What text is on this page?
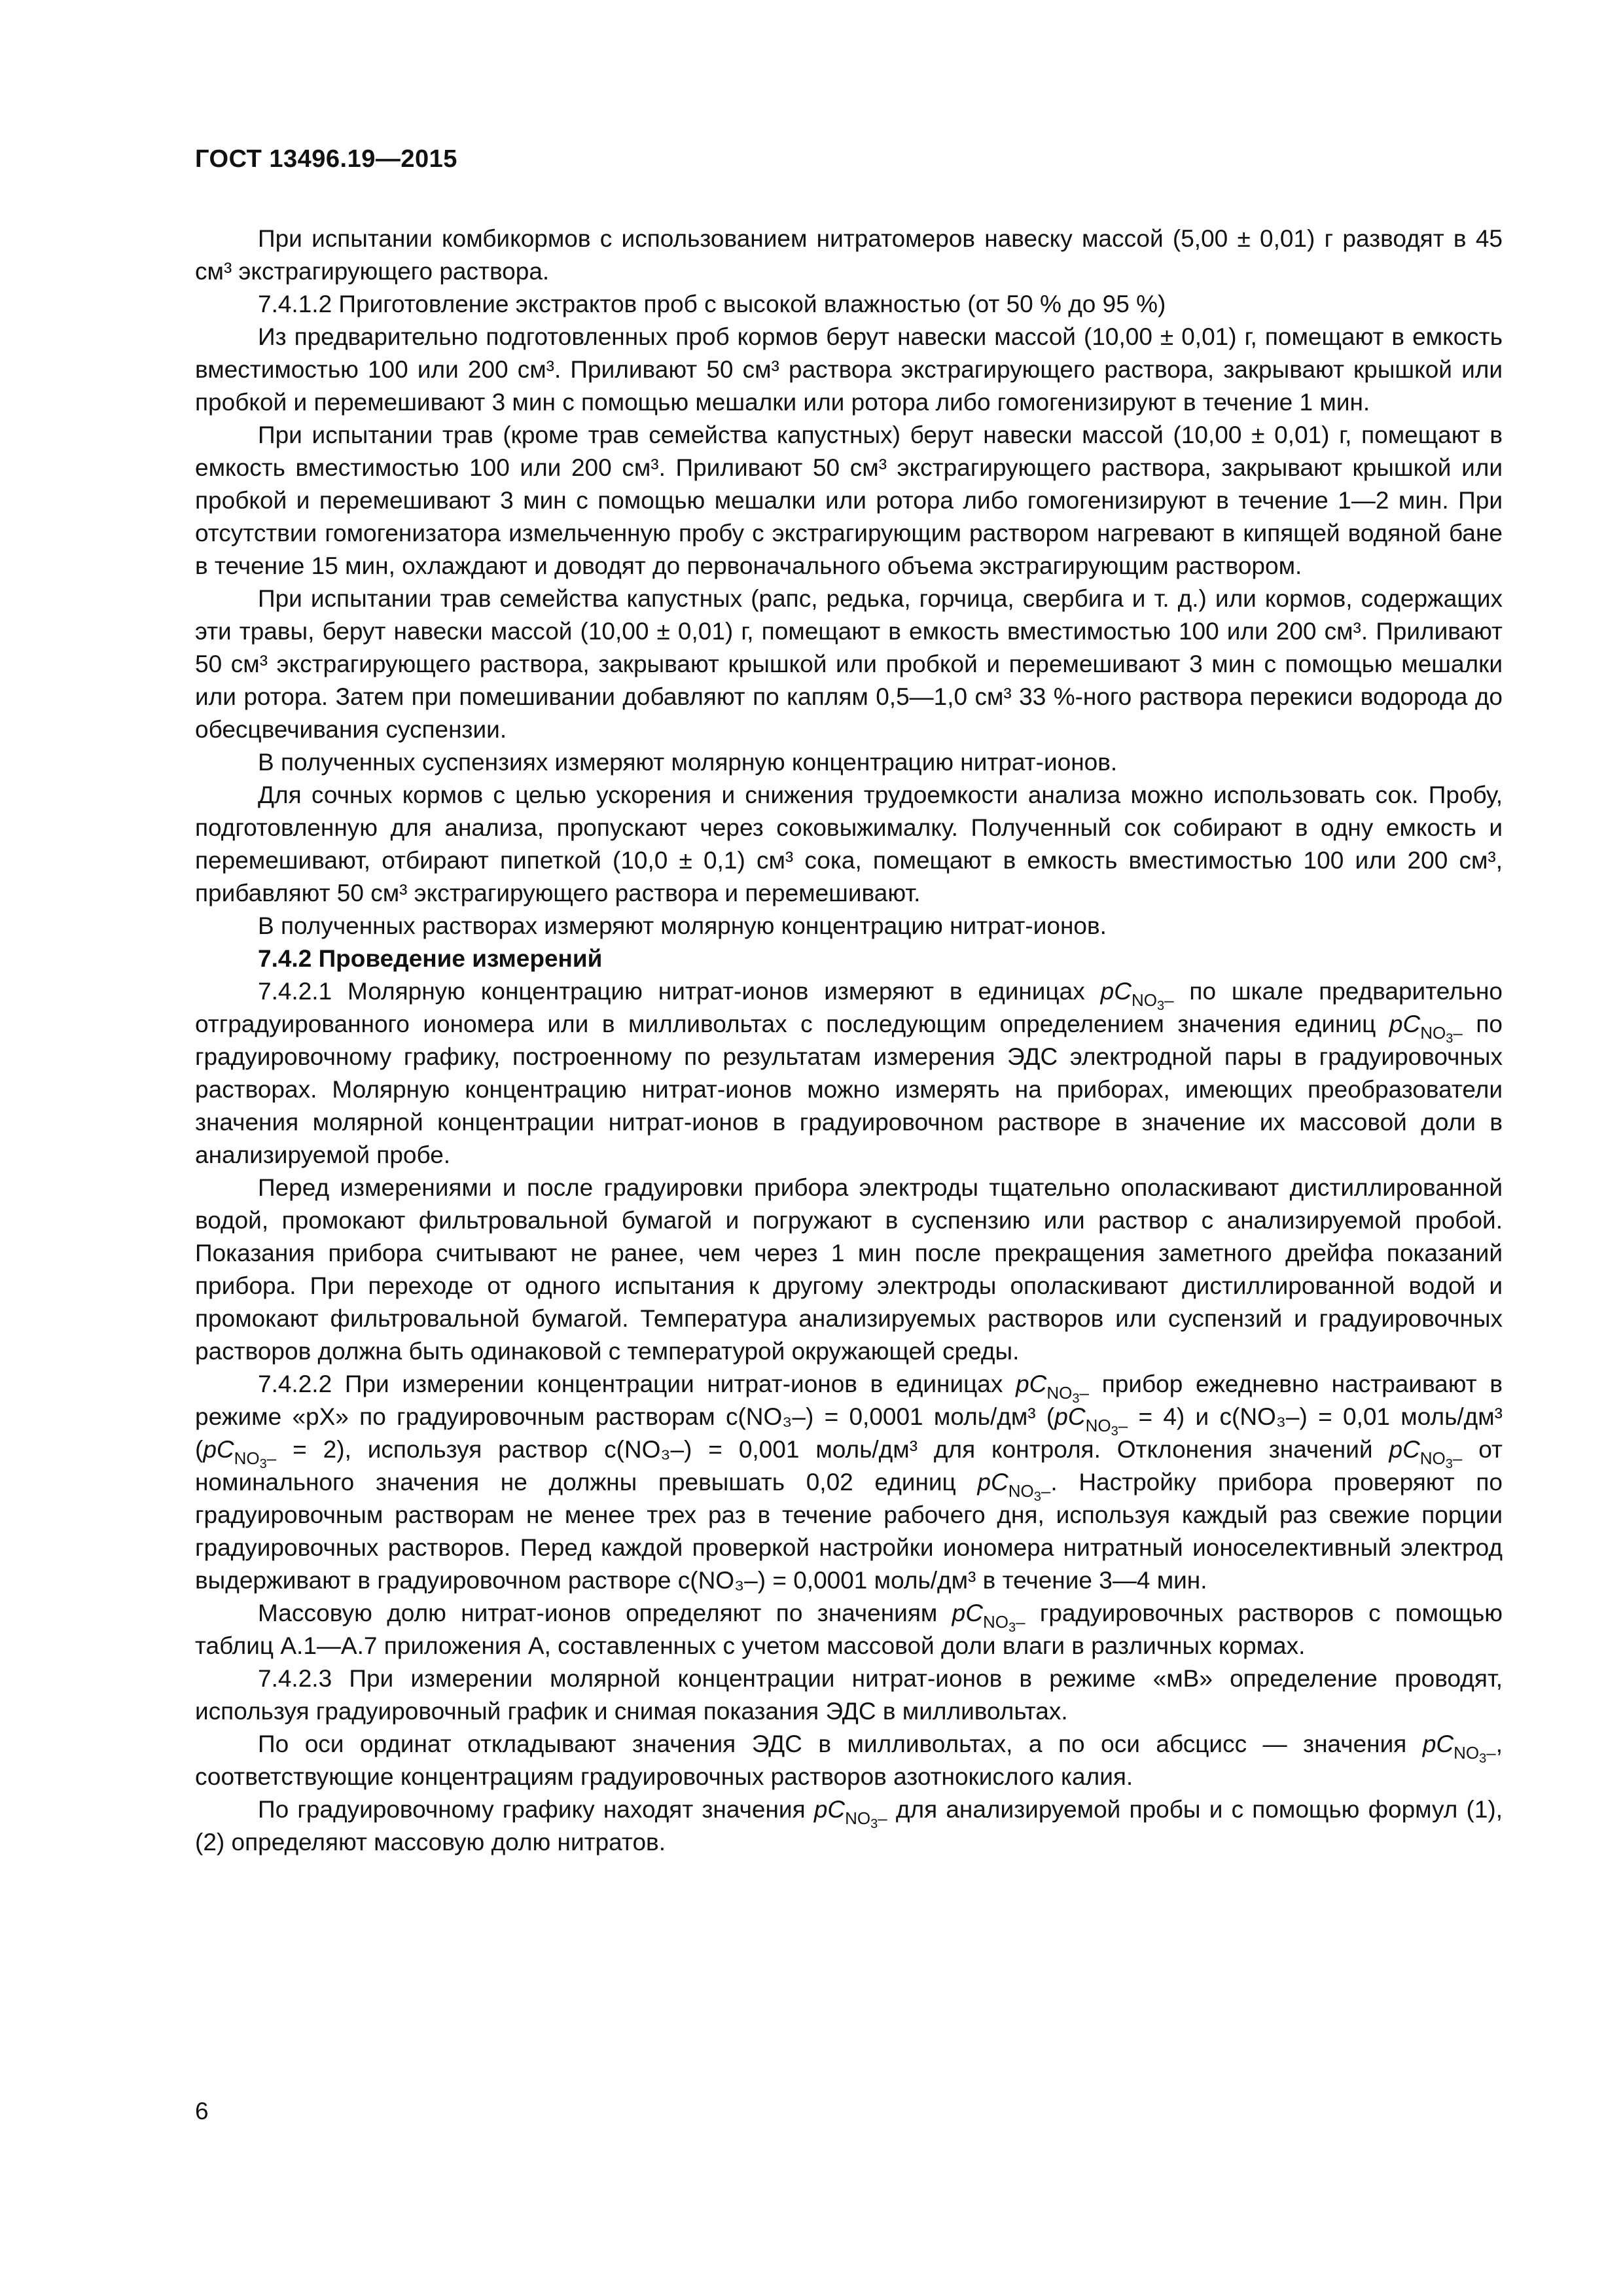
ГОСТ 13496.19—2015

При испытании комбикормов с использованием нитратомеров навеску массой (5,00 ± 0,01) г разводят в 45 см³ экстрагирующего раствора.

7.4.1.2 Приготовление экстрактов проб с высокой влажностью (от 50 % до 95 %)

Из предварительно подготовленных проб кормов берут навески массой (10,00 ± 0,01) г, помещают в емкость вместимостью 100 или 200 см³. Приливают 50 см³ раствора экстрагирующего раствора, закрывают крышкой или пробкой и перемешивают 3 мин с помощью мешалки или ротора либо гомогенизируют в течение 1 мин.

При испытании трав (кроме трав семейства капустных) берут навески массой (10,00 ± 0,01) г, помещают в емкость вместимостью 100 или 200 см³. Приливают 50 см³ экстрагирующего раствора, закрывают крышкой или пробкой и перемешивают 3 мин с помощью мешалки или ротора либо гомогенизируют в течение 1—2 мин. При отсутствии гомогенизатора измельченную пробу с экстрагирующим раствором нагревают в кипящей водяной бане в течение 15 мин, охлаждают и доводят до первоначального объема экстрагирующим раствором.

При испытании трав семейства капустных (рапс, редька, горчица, свербига и т. д.) или кормов, содержащих эти травы, берут навески массой (10,00 ± 0,01) г, помещают в емкость вместимостью 100 или 200 см³. Приливают 50 см³ экстрагирующего раствора, закрывают крышкой или пробкой и перемешивают 3 мин с помощью мешалки или ротора. Затем при помешивании добавляют по каплям 0,5—1,0 см³ 33 %-ного раствора перекиси водорода до обесцвечивания суспензии.

В полученных суспензиях измеряют молярную концентрацию нитрат-ионов.

Для сочных кормов с целью ускорения и снижения трудоемкости анализа можно использовать сок. Пробу, подготовленную для анализа, пропускают через соковыжималку. Полученный сок собирают в одну емкость и перемешивают, отбирают пипеткой (10,0 ± 0,1) см³ сока, помещают в емкость вместимостью 100 или 200 см³, прибавляют 50 см³ экстрагирующего раствора и перемешивают.

В полученных растворах измеряют молярную концентрацию нитрат-ионов.

7.4.2 Проведение измерений

7.4.2.1 Молярную концентрацию нитрат-ионов измеряют в единицах $pC_{NO_3-}$ по шкале предварительно отградуированного иономера или в милливольтах с последующим определением значения единиц $pC_{NO_3-}$ по градуировочному графику, построенному по результатам измерения ЭДС электродной пары в градуировочных растворах. Молярную концентрацию нитрат-ионов можно измерять на приборах, имеющих преобразователи значения молярной концентрации нитрат-ионов в градуировочном растворе в значение их массовой доли в анализируемой пробе.

Перед измерениями и после градуировки прибора электроды тщательно ополаскивают дистиллированной водой, промокают фильтровальной бумагой и погружают в суспензию или раствор с анализируемой пробой. Показания прибора считывают не ранее, чем через 1 мин после прекращения заметного дрейфа показаний прибора. При переходе от одного испытания к другому электроды ополаскивают дистиллированной водой и промокают фильтровальной бумагой. Температура анализируемых растворов или суспензий и градуировочных растворов должна быть одинаковой с температурой окружающей среды.

7.4.2.2 При измерении концентрации нитрат-ионов в единицах $pC_{NO_3-}$ прибор ежедневно настраивают в режиме «pX» по градуировочным растворам c(NO₃–) = 0,0001 моль/дм³ $(pC_{NO_3-} = 4)$ и c(NO₃–) = 0,01 моль/дм³ $(pC_{NO_3-} = 2)$, используя раствор c(NO₃–) = 0,001 моль/дм³ для контроля. Отклонения значений $pC_{NO_3-}$ от номинального значения не должны превышать 0,02 единиц $pC_{NO_3-}$. Настройку прибора проверяют по градуировочным растворам не менее трех раз в течение рабочего дня, используя каждый раз свежие порции градуировочных растворов. Перед каждой проверкой настройки иономера нитратный ионоселективный электрод выдерживают в градуировочном растворе c(NO₃–) = 0,0001 моль/дм³ в течение 3—4 мин.

Массовую долю нитрат-ионов определяют по значениям $pC_{NO_3-}$ градуировочных растворов с помощью таблиц А.1—А.7 приложения А, составленных с учетом массовой доли влаги в различных кормах.

7.4.2.3 При измерении молярной концентрации нитрат-ионов в режиме «мВ» определение проводят, используя градуировочный график и снимая показания ЭДС в милливольтах.

По оси ординат откладывают значения ЭДС в милливольтах, а по оси абсцисс — значения $pC_{NO_3-}$, соответствующие концентрациям градуировочных растворов азотнокислого калия.

По градуировочному графику находят значения $pC_{NO_3-}$ для анализируемой пробы и с помощью формул (1), (2) определяют массовую долю нитратов.

6
